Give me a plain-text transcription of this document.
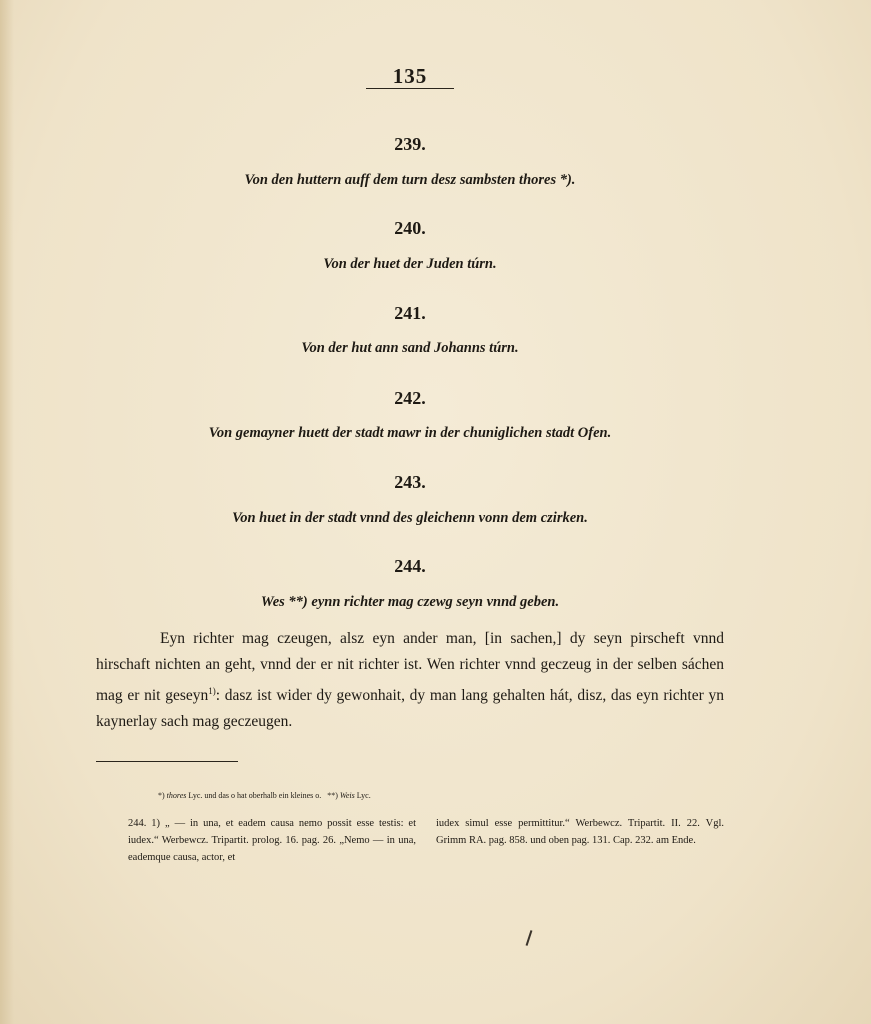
135
239.
Von den huttern auff dem turn desz sambsten thores *).
240.
Von der huet der Juden túrn.
241.
Von der hut ann sand Johanns túrn.
242.
Von gemayner huett der stadt mawr in der chuniglichen stadt Ofen.
243.
Von huet in der stadt vnnd des gleichenn vonn dem czirken.
244.
Wes **) eynn richter mag czewg seyn vnnd geben.
Eyn richter mag czeugen, alsz eyn ander man, [in sachen,] dy seyn pirscheft vnnd hirschaft nichten an geht, vnnd der er nit richter ist. Wen richter vnnd geczeug in der selben sáchen mag er nit geseyn$^{1)}$: dasz ist wider dy gewonhait, dy man lang gehalten hát, disz, das eyn richter yn kaynerlay sach mag geczeugen.
*) thores Lyc. und das o hat oberhalb ein kleines o. **) Weis Lyc.
244. 1) „ — in una, et eadem causa nemo possit esse testis: et iudex.“ Werbewcz. Tripartit. prolog. 16. pag. 26. „Nemo — in una, eademque causa, actor, et
iudex simul esse permittitur.“ Werbewcz. Tripartit. II. 22. Vgl. Grimm RA. pag. 858. und oben pag. 131. Cap. 232. am Ende.
